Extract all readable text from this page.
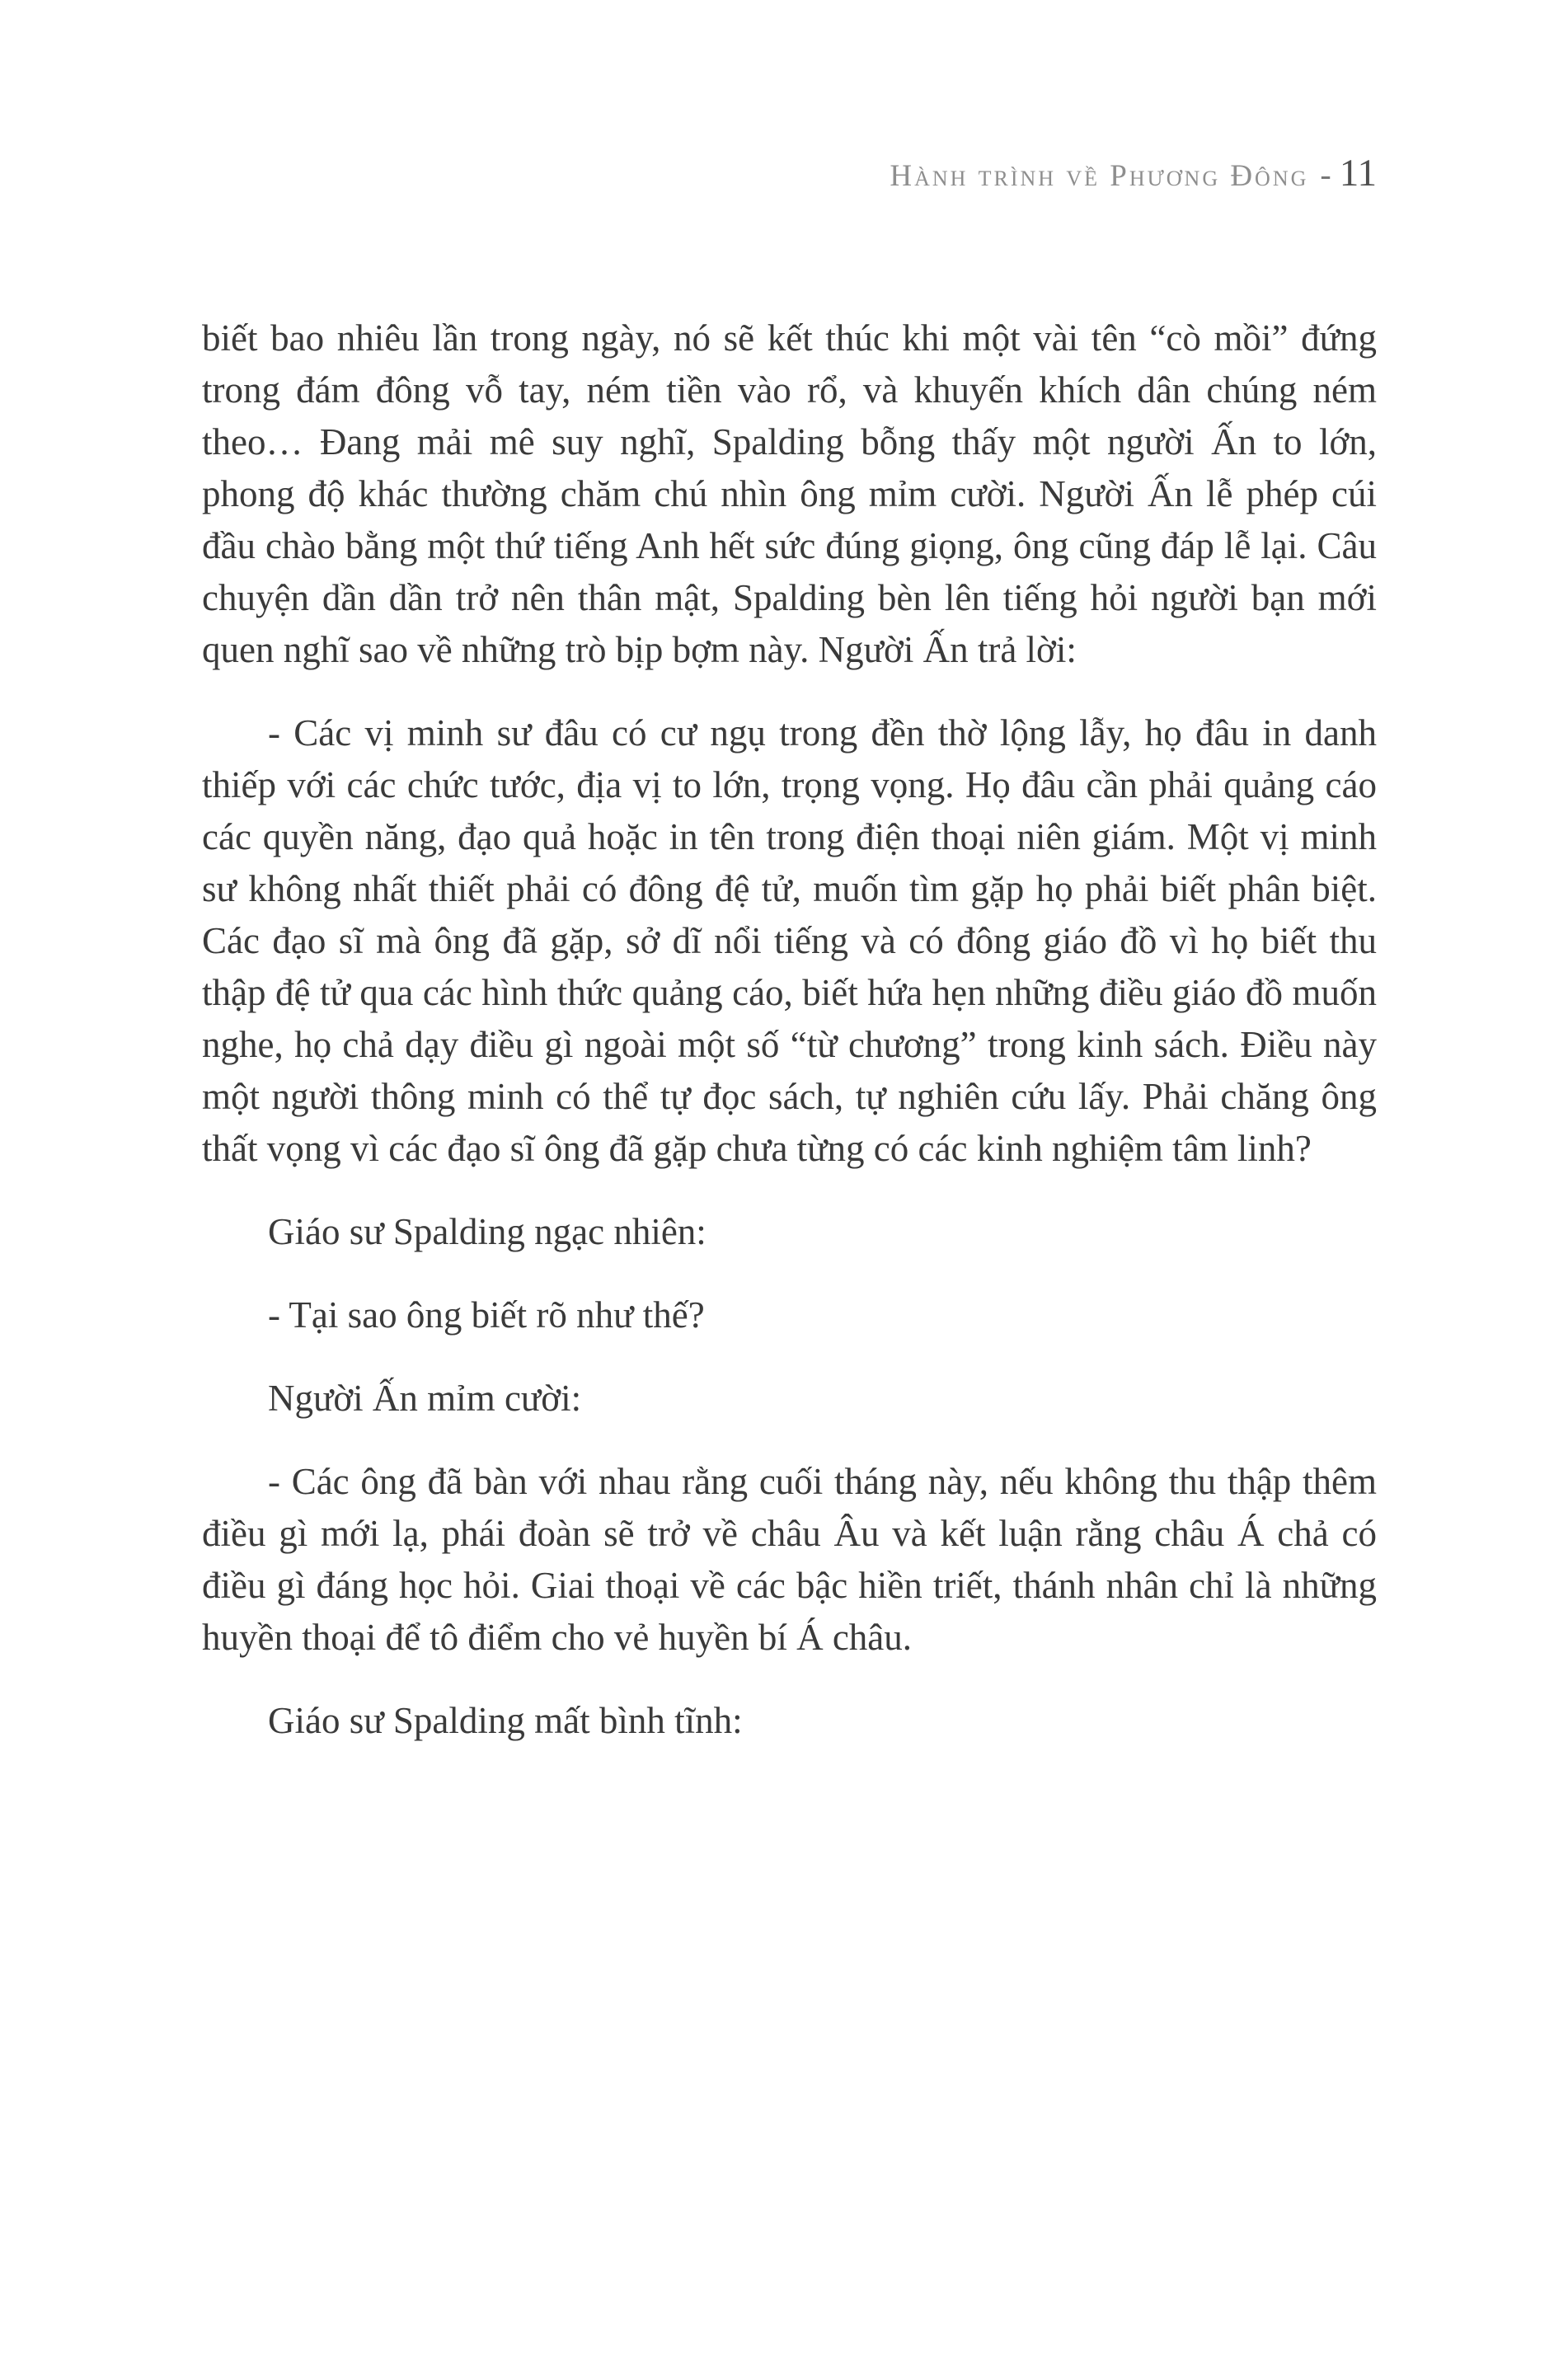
Hành trình về Phương Đông - 11

biết bao nhiêu lần trong ngày, nó sẽ kết thúc khi một vài tên “cò mồi” đứng trong đám đông vỗ tay, ném tiền vào rổ, và khuyến khích dân chúng ném theo… Đang mải mê suy nghĩ, Spalding bỗng thấy một người Ấn to lớn, phong độ khác thường chăm chú nhìn ông mỉm cười. Người Ấn lễ phép cúi đầu chào bằng một thứ tiếng Anh hết sức đúng giọng, ông cũng đáp lễ lại. Câu chuyện dần dần trở nên thân mật, Spalding bèn lên tiếng hỏi người bạn mới quen nghĩ sao về những trò bịp bợm này. Người Ấn trả lời:

- Các vị minh sư đâu có cư ngụ trong đền thờ lộng lẫy, họ đâu in danh thiếp với các chức tước, địa vị to lớn, trọng vọng. Họ đâu cần phải quảng cáo các quyền năng, đạo quả hoặc in tên trong điện thoại niên giám. Một vị minh sư không nhất thiết phải có đông đệ tử, muốn tìm gặp họ phải biết phân biệt. Các đạo sĩ mà ông đã gặp, sở dĩ nổi tiếng và có đông giáo đồ vì họ biết thu thập đệ tử qua các hình thức quảng cáo, biết hứa hẹn những điều giáo đồ muốn nghe, họ chả dạy điều gì ngoài một số “từ chương” trong kinh sách. Điều này một người thông minh có thể tự đọc sách, tự nghiên cứu lấy. Phải chăng ông thất vọng vì các đạo sĩ ông đã gặp chưa từng có các kinh nghiệm tâm linh?

Giáo sư Spalding ngạc nhiên:

- Tại sao ông biết rõ như thế?

Người Ấn mỉm cười:

- Các ông đã bàn với nhau rằng cuối tháng này, nếu không thu thập thêm điều gì mới lạ, phái đoàn sẽ trở về châu Âu và kết luận rằng châu Á chả có điều gì đáng học hỏi. Giai thoại về các bậc hiền triết, thánh nhân chỉ là những huyền thoại để tô điểm cho vẻ huyền bí Á châu.

Giáo sư Spalding mất bình tĩnh:
